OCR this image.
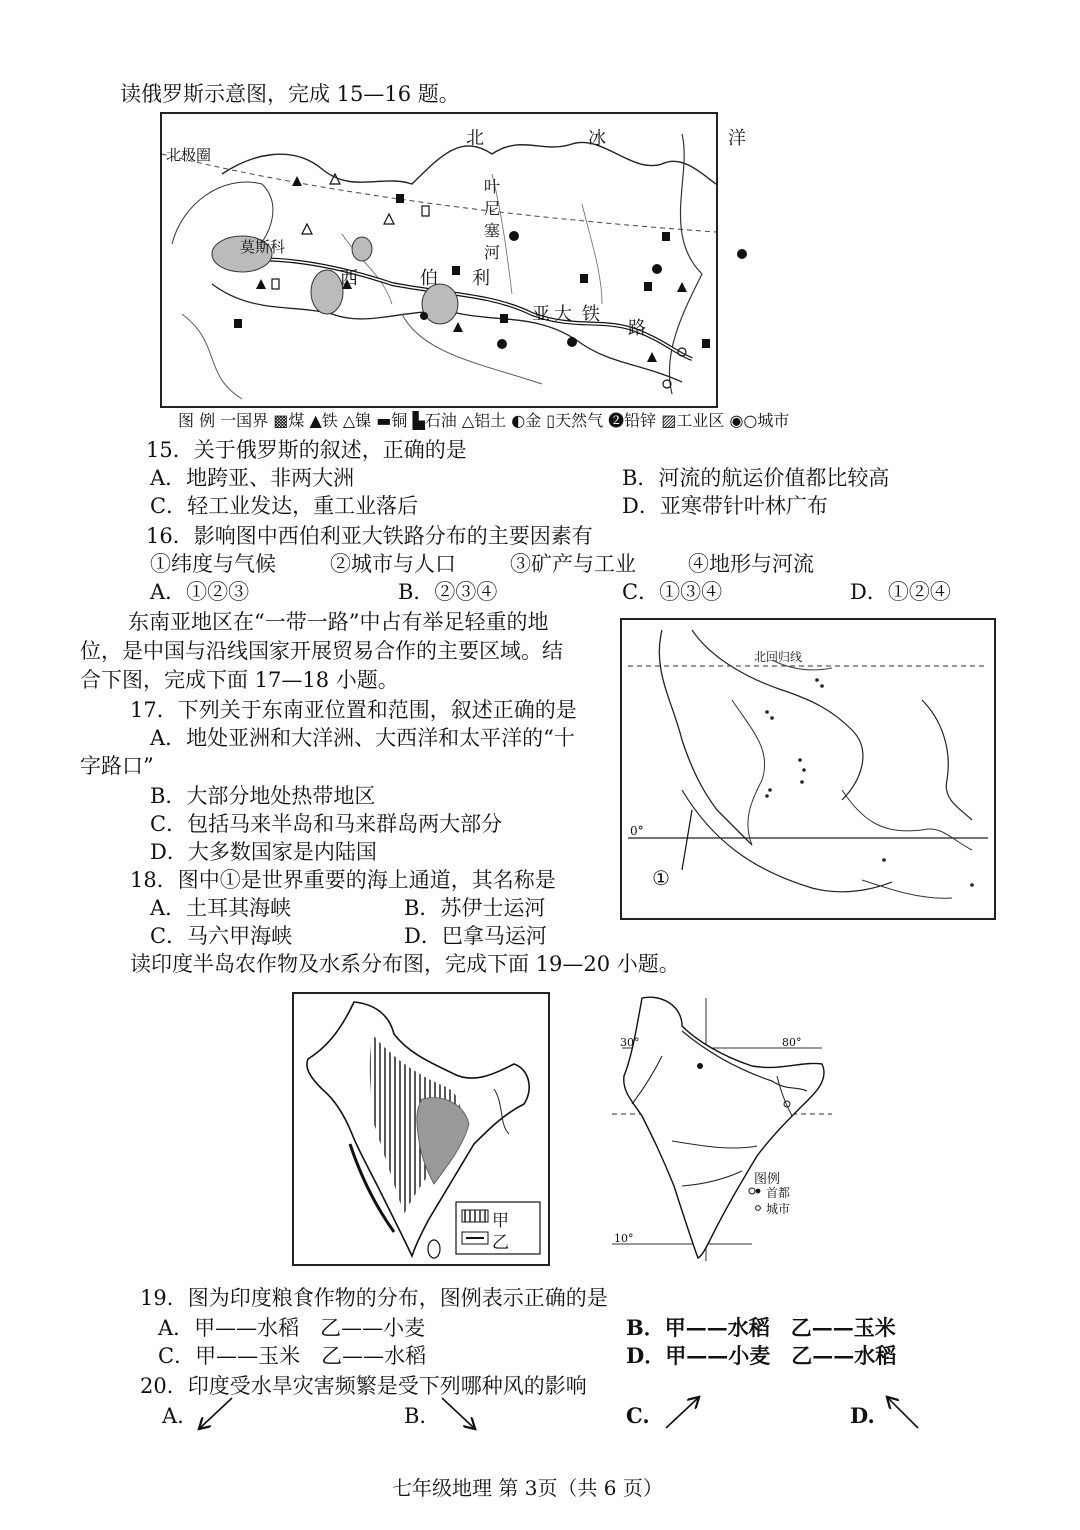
读俄罗斯示意图，完成 15—16 题。
北	冰	洋
北极圈
莫斯科
西	伯 利
亚 大 铁
路
叶
尼
塞
河
图 例 一国界 ▩煤 ▲铁 △镍 ▬铜 ▙石油 △铝土 ◐金 ▯天然气 ➋铅锌 ▨工业区 ◉○城市
15．关于俄罗斯的叙述，正确的是
A．地跨亚、非两大洲	B．河流的航运价值都比较高
C．轻工业发达，重工业落后	D．亚寒带针叶林广布
16．影响图中西伯利亚大铁路分布的主要因素有
①纬度与气候	②城市与人口	③矿产与工业 ④地形与河流
A．①②③	B．②③④	C．①③④	D．①②④
东南亚地区在“一带一路”中占有举足轻重的地
位，是中国与沿线国家开展贸易合作的主要区域。结
合下图，完成下面 17—18 小题。
北回归线
0°
①
17．下列关于东南亚位置和范围，叙述正确的是
A．地处亚洲和大洋洲、大西洋和太平洋的“十
字路口”
B．大部分地处热带地区
C．包括马来半岛和马来群岛两大部分
D．大多数国家是内陆国
18．图中①是世界重要的海上通道，其名称是
A．土耳其海峡	B．苏伊士运河
C．马六甲海峡	D．巴拿马运河
读印度半岛农作物及水系分布图，完成下面 19—20 小题。
甲
乙
30°	80°
10°
图例
首都
城市
19．图为印度粮食作物的分布，图例表示正确的是
A．甲——水稻　乙——小麦	B．甲——水稻　乙——玉米
C．甲——玉米　乙——水稻	D．甲——小麦　乙——水稻
20．印度受水旱灾害频繁是受下列哪种风的影响
A.	B.	C.	D.
七年级地理 第 3页（共 6 页）
